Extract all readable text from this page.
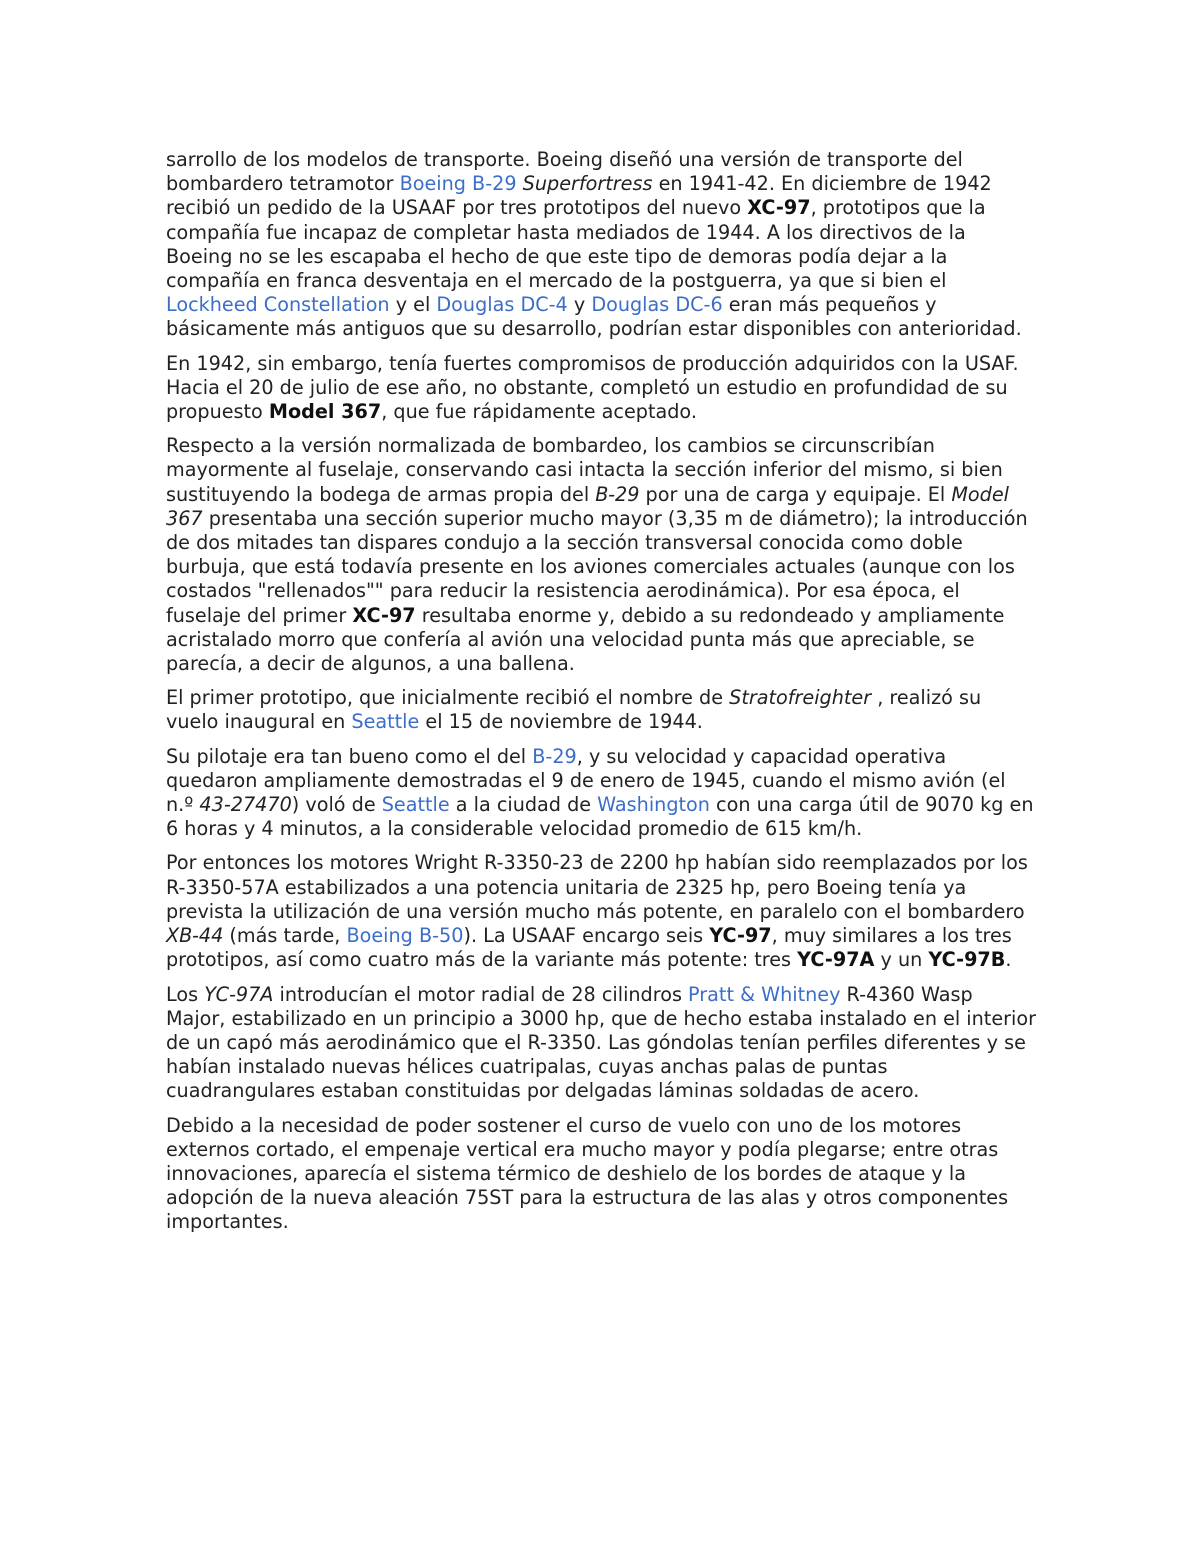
sarrollo de los modelos de transporte. Boeing diseñó una versión de transporte del bombardero tetramotor Boeing B-29 Superfortress en 1941-42. En diciembre de 1942 recibió un pedido de la USAAF por tres prototipos del nuevo XC-97, prototipos que la compañía fue incapaz de completar hasta mediados de 1944. A los directivos de la Boeing no se les escapaba el hecho de que este tipo de demoras podía dejar a la compañía en franca desventaja en el mercado de la postguerra, ya que si bien el Lockheed Constellation y el Douglas DC-4 y Douglas DC-6 eran más pequeños y básicamente más antiguos que su desarrollo, podrían estar disponibles con anterioridad.

En 1942, sin embargo, tenía fuertes compromisos de producción adquiridos con la USAF. Hacia el 20 de julio de ese año, no obstante, completó un estudio en profundidad de su propuesto Model 367, que fue rápidamente aceptado.

Respecto a la versión normalizada de bombardeo, los cambios se circunscribían mayormente al fuselaje, conservando casi intacta la sección inferior del mismo, si bien sustituyendo la bodega de armas propia del B-29 por una de carga y equipaje. El Model 367 presentaba una sección superior mucho mayor (3,35 m de diámetro); la introducción de dos mitades tan dispares condujo a la sección transversal conocida como doble burbuja, que está todavía presente en los aviones comerciales actuales (aunque con los costados "rellenados"" para reducir la resistencia aerodinámica). Por esa época, el fuselaje del primer XC-97 resultaba enorme y, debido a su redondeado y ampliamente acristalado morro que confería al avión una velocidad punta más que apreciable, se parecía, a decir de algunos, a una ballena.

El primer prototipo, que inicialmente recibió el nombre de Stratofreighter , realizó su vuelo inaugural en Seattle el 15 de noviembre de 1944.

Su pilotaje era tan bueno como el del B-29, y su velocidad y capacidad operativa quedaron ampliamente demostradas el 9 de enero de 1945, cuando el mismo avión (el n.º 43-27470) voló de Seattle a la ciudad de Washington con una carga útil de 9070 kg en 6 horas y 4 minutos, a la considerable velocidad promedio de 615 km/h.

Por entonces los motores Wright R-3350-23 de 2200 hp habían sido reemplazados por los R-3350-57A estabilizados a una potencia unitaria de 2325 hp, pero Boeing tenía ya prevista la utilización de una versión mucho más potente, en paralelo con el bombardero XB-44 (más tarde, Boeing B-50). La USAAF encargo seis YC-97, muy similares a los tres prototipos, así como cuatro más de la variante más potente: tres YC-97A y un YC-97B.

Los YC-97A introducían el motor radial de 28 cilindros Pratt & Whitney R-4360 Wasp Major, estabilizado en un principio a 3000 hp, que de hecho estaba instalado en el interior de un capó más aerodinámico que el R-3350. Las góndolas tenían perfiles diferentes y se habían instalado nuevas hélices cuatripalas, cuyas anchas palas de puntas cuadrangulares estaban constituidas por delgadas láminas soldadas de acero.

Debido a la necesidad de poder sostener el curso de vuelo con uno de los motores externos cortado, el empenaje vertical era mucho mayor y podía plegarse; entre otras innovaciones, aparecía el sistema térmico de deshielo de los bordes de ataque y la adopción de la nueva aleación 75ST para la estructura de las alas y otros componentes importantes.
